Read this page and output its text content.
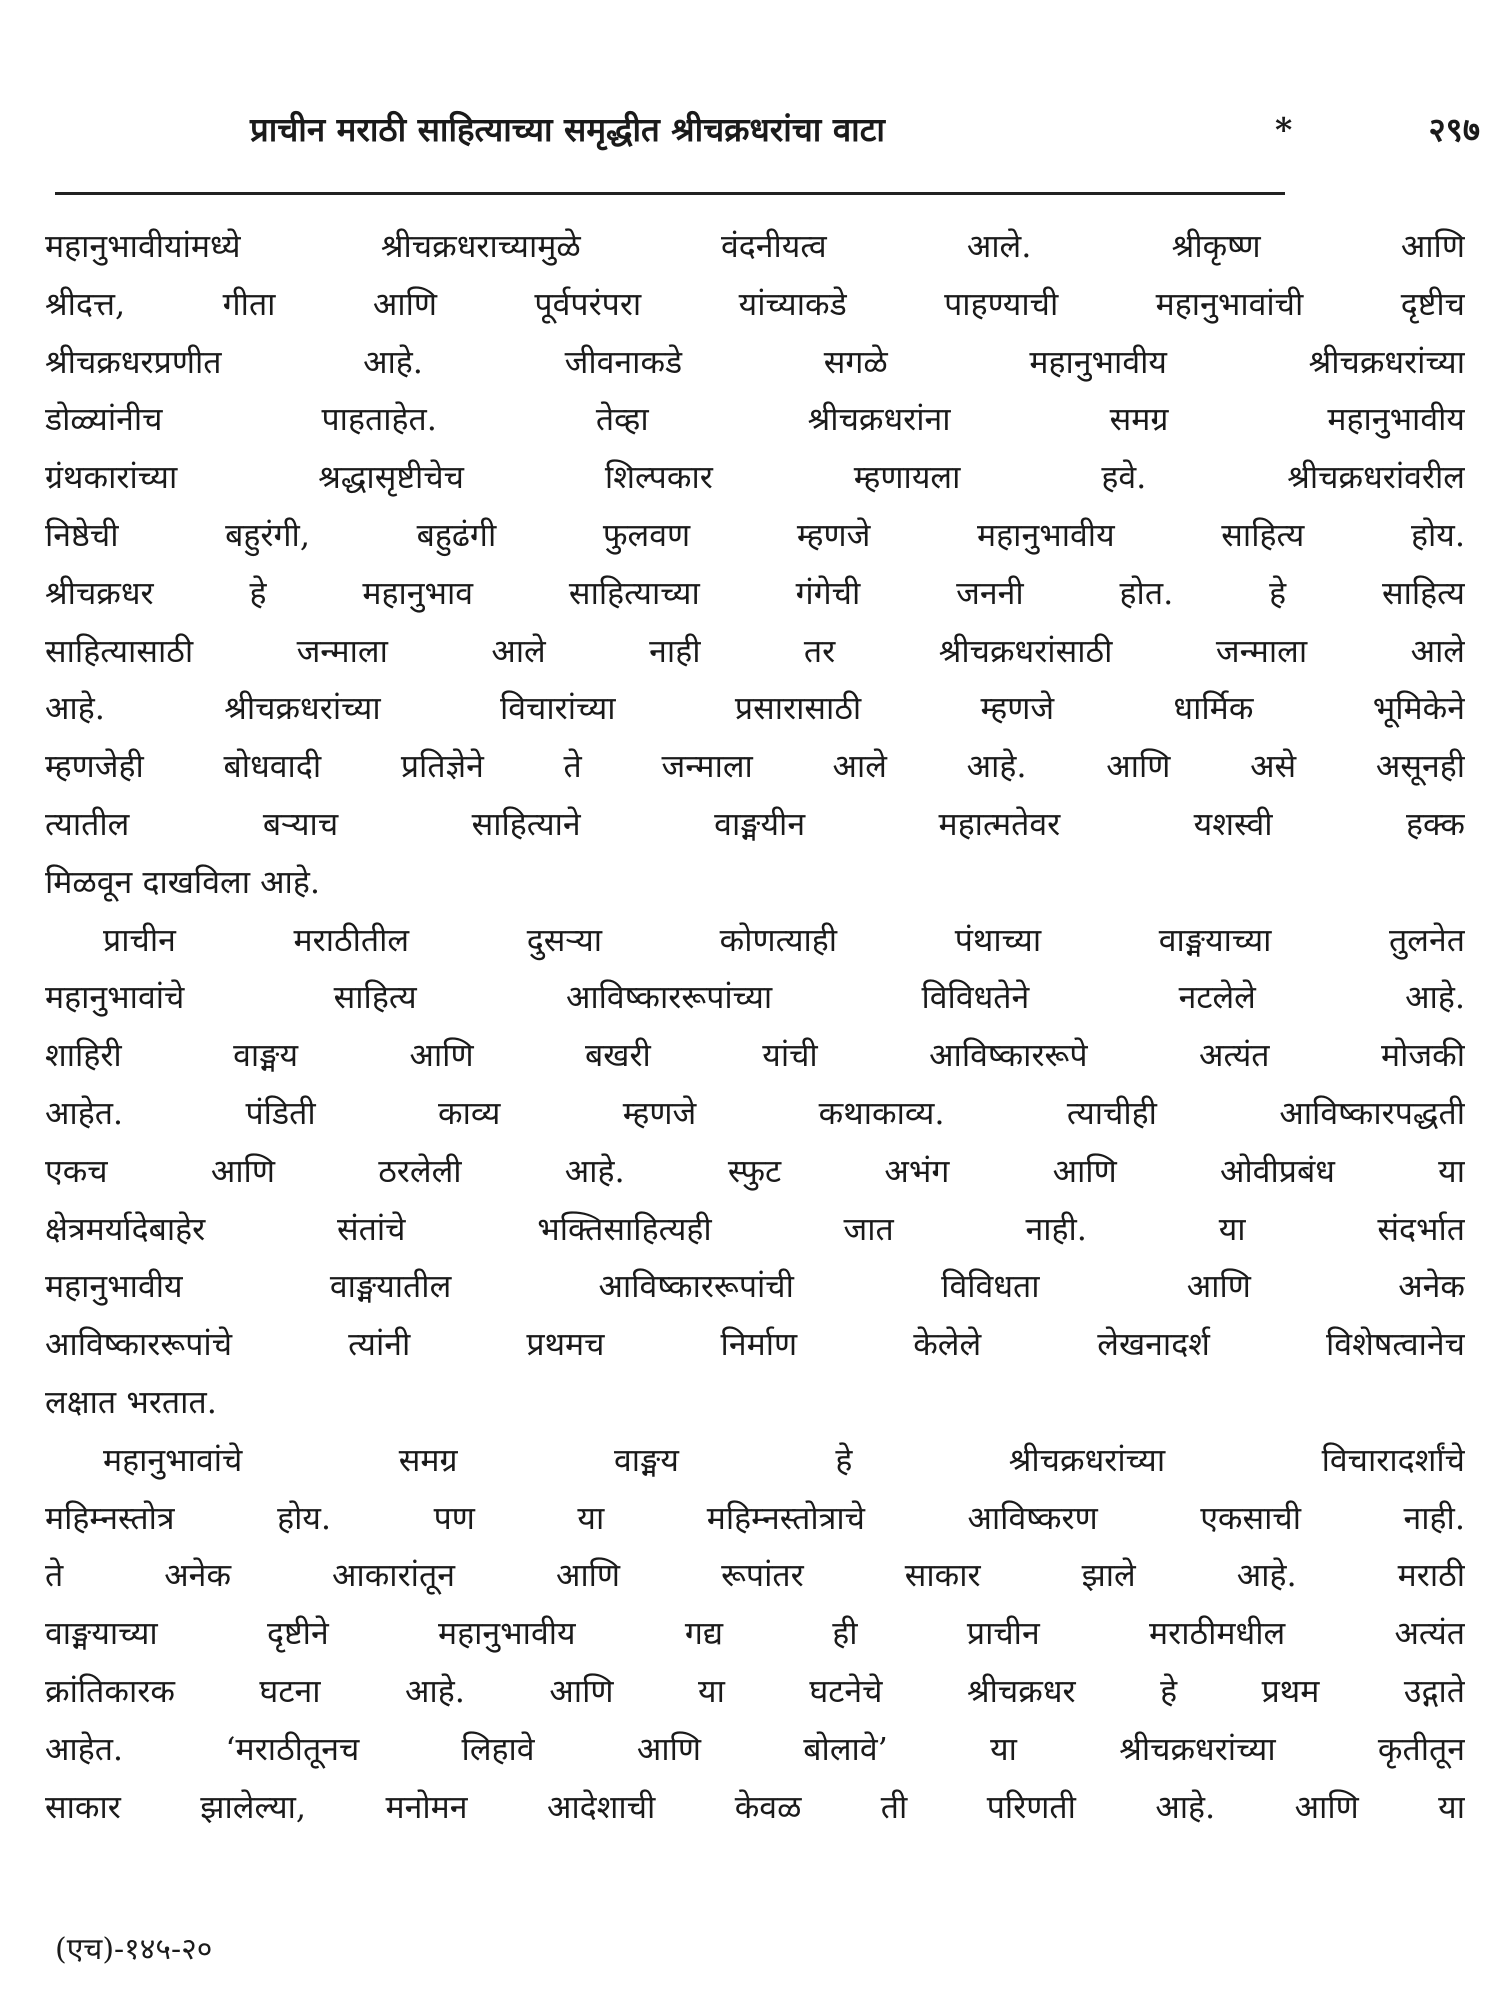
प्राचीन मराठी साहित्याच्या समृद्धीत श्रीचक्रधरांचा वाटा	*	२९७
महानुभावीयांमध्ये श्रीचक्रधराच्यामुळे वंदनीयत्व आले. श्रीकृष्ण आणि
श्रीदत्त, गीता आणि पूर्वपरंपरा यांच्याकडे पाहण्याची महानुभावांची दृष्टीच
श्रीचक्रधरप्रणीत आहे. जीवनाकडे सगळे महानुभावीय श्रीचक्रधरांच्या
डोळ्यांनीच पाहताहेत. तेव्हा श्रीचक्रधरांना समग्र महानुभावीय
ग्रंथकारांच्या श्रद्धासृष्टीचेच शिल्पकार म्हणायला हवे. श्रीचक्रधरांवरील
निष्ठेची बहुरंगी, बहुढंगी फुलवण म्हणजे महानुभावीय साहित्य होय.
श्रीचक्रधर हे महानुभाव साहित्याच्या गंगेची जननी होत. हे साहित्य
साहित्यासाठी जन्माला आले नाही तर श्रीचक्रधरांसाठी जन्माला आले
आहे. श्रीचक्रधरांच्या विचारांच्या प्रसारासाठी म्हणजे धार्मिक भूमिकेने
म्हणजेही बोधवादी प्रतिज्ञेने ते जन्माला आले आहे. आणि असे असूनही
त्यातील बऱ्याच साहित्याने वाङ्मयीन महात्मतेवर यशस्वी हक्क
मिळवून दाखविला आहे.
प्राचीन मराठीतील दुसऱ्या कोणत्याही पंथाच्या वाङ्मयाच्या तुलनेत
महानुभावांचे साहित्य आविष्काररूपांच्या विविधतेने नटलेले आहे.
शाहिरी वाङ्मय आणि बखरी यांची आविष्काररूपे अत्यंत मोजकी
आहेत. पंडिती काव्य म्हणजे कथाकाव्य. त्याचीही आविष्कारपद्धती
एकच आणि ठरलेली आहे. स्फुट अभंग आणि ओवीप्रबंध या
क्षेत्रमर्यादेबाहेर संतांचे भक्तिसाहित्यही जात नाही. या संदर्भात
महानुभावीय वाङ्मयातील आविष्काररूपांची विविधता आणि अनेक
आविष्काररूपांचे त्यांनी प्रथमच निर्माण केलेले लेखनादर्श विशेषत्वानेच
लक्षात भरतात.
महानुभावांचे समग्र वाङ्मय हे श्रीचक्रधरांच्या विचारादर्शांचे
महिम्नस्तोत्र होय. पण या महिम्नस्तोत्राचे आविष्करण एकसाची नाही.
ते अनेक आकारांतून आणि रूपांतर साकार झाले आहे. मराठी
वाङ्मयाच्या दृष्टीने महानुभावीय गद्य ही प्राचीन मराठीमधील अत्यंत
क्रांतिकारक घटना आहे. आणि या घटनेचे श्रीचक्रधर हे प्रथम उद्गाते
आहेत. ‘मराठीतूनच लिहावे आणि बोलावे’ या श्रीचक्रधरांच्या कृतीतून
साकार झालेल्या, मनोमन आदेशाची केवळ ती परिणती आहे. आणि या
(एच)-१४५-२०
